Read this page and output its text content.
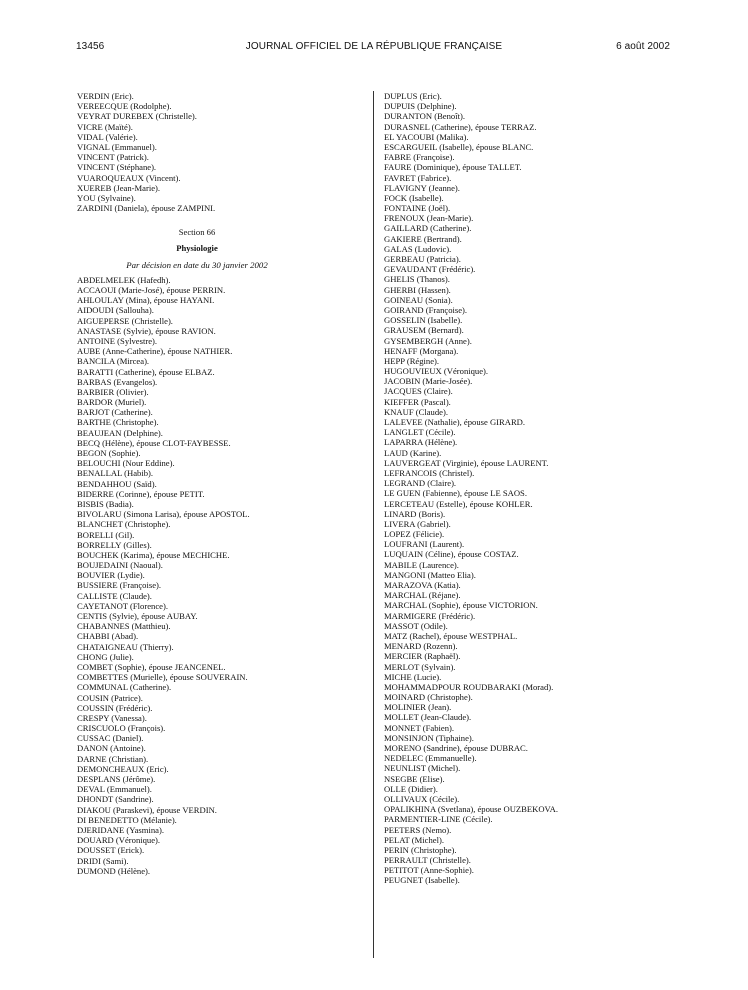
13456	JOURNAL OFFICIEL DE LA RÉPUBLIQUE FRANÇAISE	6 août 2002
VERDIN (Eric).
VEREECQUE (Rodolphe).
VEYRAT DUREBEX (Christelle).
VICRE (Maïté).
VIDAL (Valérie).
VIGNAL (Emmanuel).
VINCENT (Patrick).
VINCENT (Stéphane).
VUAROQUEAUX (Vincent).
XUEREB (Jean-Marie).
YOU (Sylvaine).
ZARDINI (Daniela), épouse ZAMPINI.
Section 66
Physiologie
Par décision en date du 30 janvier 2002
ABDELMELEK (Hafedh).
ACCAOUI (Marie-José), épouse PERRIN.
AHLOULAY (Mina), épouse HAYANI.
AIDOUDI (Sallouha).
AIGUEPERSE (Christelle).
ANASTASE (Sylvie), épouse RAVION.
ANTOINE (Sylvestre).
AUBE (Anne-Catherine), épouse NATHIER.
BANCILA (Mircea).
BARATTI (Catherine), épouse ELBAZ.
BARBAS (Evangelos).
BARBIER (Olivier).
BARDOR (Muriel).
BARJOT (Catherine).
BARTHE (Christophe).
BEAUJEAN (Delphine).
BECQ (Hélène), épouse CLOT-FAYBESSE.
BEGON (Sophie).
BELOUCHI (Nour Eddine).
BENALLAL (Habib).
BENDAHHOU (Saïd).
BIDERRE (Corinne), épouse PETIT.
BISBIS (Badia).
BIVOLARU (Simona Larisa), épouse APOSTOL.
BLANCHET (Christophe).
BORELLI (Gil).
BORRELLY (Gilles).
BOUCHEK (Karima), épouse MECHICHE.
BOUJEDAINI (Naoual).
BOUVIER (Lydie).
BUSSIERE (Françoise).
CALLISTE (Claude).
CAYETANOT (Florence).
CENTIS (Sylvie), épouse AUBAY.
CHABANNES (Matthieu).
CHABBI (Abad).
CHATAIGNEAU (Thierry).
CHONG (Julie).
COMBET (Sophie), épouse JEANCENEL.
COMBETTES (Murielle), épouse SOUVERAIN.
COMMUNAL (Catherine).
COUSIN (Patrice).
COUSSIN (Frédéric).
CRESPY (Vanessa).
CRISCUOLO (François).
CUSSAC (Daniel).
DANON (Antoine).
DARNE (Christian).
DEMONCHEAUX (Eric).
DESPLANS (Jérôme).
DEVAL (Emmanuel).
DHONDT (Sandrine).
DIAKOU (Paraskevi), épouse VERDIN.
DI BENEDETTO (Mélanie).
DJERIDANE (Yasmina).
DOUARD (Véronique).
DOUSSET (Erick).
DRIDI (Sami).
DUMOND (Hélène).
DUPLUS (Eric).
DUPUIS (Delphine).
DURANTON (Benoît).
DURASNEL (Catherine), épouse TERRAZ.
EL YACOUBI (Malika).
ESCARGUEIL (Isabelle), épouse BLANC.
FABRE (Françoise).
FAURE (Dominique), épouse TALLET.
FAVRET (Fabrice).
FLAVIGNY (Jeanne).
FOCK (Isabelle).
FONTAINE (Joël).
FRENOUX (Jean-Marie).
GAILLARD (Catherine).
GAKIERE (Bertrand).
GALAS (Ludovic).
GERBEAU (Patricia).
GEVAUDANT (Frédéric).
GHELIS (Thanos).
GHERBI (Hassen).
GOINEAU (Sonia).
GOIRAND (Françoise).
GOSSELIN (Isabelle).
GRAUSEM (Bernard).
GYSEMBERGH (Anne).
HENAFF (Morgana).
HEPP (Régine).
HUGOUVIEUX (Véronique).
JACOBIN (Marie-Josée).
JACQUES (Claire).
KIEFFER (Pascal).
KNAUF (Claude).
LALEVEE (Nathalie), épouse GIRARD.
LANGLET (Cécile).
LAPARRA (Hélène).
LAUD (Karine).
LAUVERGEAT (Virginie), épouse LAURENT.
LEFRANCOIS (Christel).
LEGRAND (Claire).
LE GUEN (Fabienne), épouse LE SAOS.
LERCETEAU (Estelle), épouse KOHLER.
LINARD (Boris).
LIVERA (Gabriel).
LOPEZ (Félicie).
LOUFRANI (Laurent).
LUQUAIN (Céline), épouse COSTAZ.
MABILE (Laurence).
MANGONI (Matteo Elia).
MARAZOVA (Katia).
MARCHAL (Réjane).
MARCHAL (Sophie), épouse VICTORION.
MARMIGERE (Frédéric).
MASSOT (Odile).
MATZ (Rachel), épouse WESTPHAL.
MENARD (Rozenn).
MERCIER (Raphaël).
MERLOT (Sylvain).
MICHE (Lucie).
MOHAMMADPOUR ROUDBARAKI (Morad).
MOINARD (Christophe).
MOLINIER (Jean).
MOLLET (Jean-Claude).
MONNET (Fabien).
MONSINJON (Tiphaine).
MORENO (Sandrine), épouse DUBRAC.
NEDELEC (Emmanuelle).
NEUNLIST (Michel).
NSEGBE (Elise).
OLLE (Didier).
OLLIVAUX (Cécile).
OPALIKHINA (Svetlana), épouse OUZBEKOVA.
PARMENTIER-LINE (Cécile).
PEETERS (Nemo).
PELAT (Michel).
PERIN (Christophe).
PERRAULT (Christelle).
PETITOT (Anne-Sophie).
PEUGNET (Isabelle).
